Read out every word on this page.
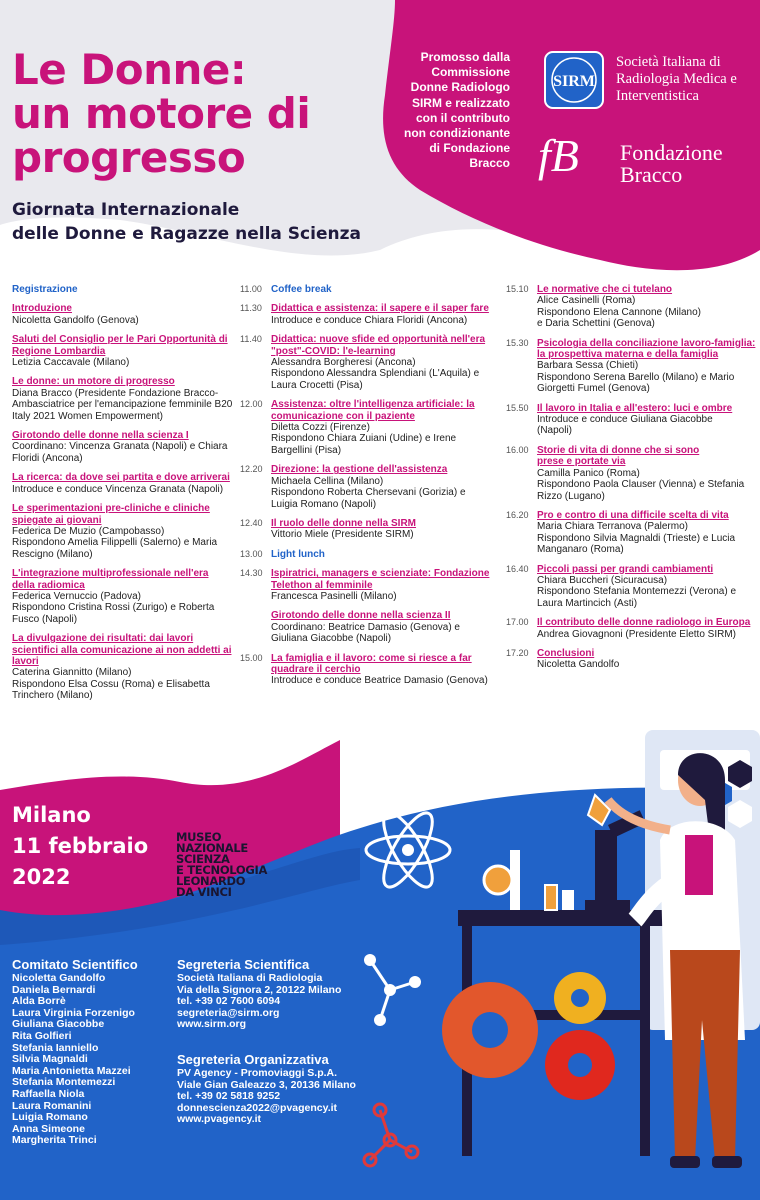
Le Donne:
un motore di
progresso
Giornata Internazionale
delle Donne e Ragazze nella Scienza
Promosso dalla Commissione Donne Radiologo SIRM e realizzato con il contributo non condizionante di Fondazione Bracco
SIRM
Società Italiana di Radiologia Medica e Interventistica
fB	Fondazione Bracco
Registrazione
Introduzione
Nicoletta Gandolfo (Genova)
Saluti del Consiglio per le Pari Opportunità di Regione Lombardia
Letizia Caccavale (Milano)
Le donne: un motore di progresso
Diana Bracco (Presidente Fondazione Bracco- Ambasciatrice per l'emancipazione femminile B20 Italy 2021 Women Empowerment)
Girotondo delle donne nella scienza I
Coordinano: Vincenza Granata (Napoli) e Chiara Floridi (Ancona)
La ricerca: da dove sei partita e dove arriverai
Introduce e conduce Vincenza Granata (Napoli)
Le sperimentazioni pre-cliniche e cliniche spiegate ai giovani
Federica De Muzio (Campobasso)
Rispondono Amelia Filippelli (Salerno) e Maria Rescigno (Milano)
L'integrazione multiprofessionale nell'era della radiomica
Federica Vernuccio (Padova)
Rispondono Cristina Rossi (Zurigo) e Roberta Fusco (Napoli)
La divulgazione dei risultati: dai lavori scientifici alla comunicazione ai non addetti ai lavori
Caterina Giannitto (Milano)
Rispondono Elsa Cossu (Roma) e Elisabetta Trinchero (Milano)
11.00 Coffee break
11.30 Didattica e assistenza: il sapere e il saper fare
Introduce e conduce Chiara Floridi (Ancona)
11.40 Didattica: nuove sfide ed opportunità nell'era "post"-COVID: l'e-learning
Alessandra Borgheresi (Ancona)
Rispondono Alessandra Splendiani (L'Aquila) e Laura Crocetti (Pisa)
12.00 Assistenza: oltre l'intelligenza artificiale: la comunicazione con il paziente
Diletta Cozzi (Firenze)
Rispondono Chiara Zuiani (Udine) e Irene Bargellini (Pisa)
12.20 Direzione: la gestione dell'assistenza
Michaela Cellina (Milano)
Rispondono Roberta Chersevani (Gorizia) e Luigia Romano (Napoli)
12.40 Il ruolo delle donne nella SIRM
Vittorio Miele (Presidente SIRM)
13.00 Light lunch
14.30 Ispiratrici, managers e scienziate: Fondazione Telethon al femminile
Francesca Pasinelli (Milano)
Girotondo delle donne nella scienza II
Coordinano: Beatrice Damasio (Genova) e Giuliana Giacobbe (Napoli)
15.00 La famiglia e il lavoro: come si riesce a far quadrare il cerchio
Introduce e conduce Beatrice Damasio (Genova)
15.10 Le normative che ci tutelano
Alice Casinelli (Roma)
Rispondono Elena Cannone (Milano)
e Daria Schettini (Genova)
15.30 Psicologia della conciliazione lavoro-famiglia:
la prospettiva materna e della famiglia
Barbara Sessa (Chieti)
Rispondono Serena Barello (Milano) e Mario
Giorgetti Fumel (Genova)
15.50 Il lavoro in Italia e all'estero: luci e ombre
Introduce e conduce Giuliana Giacobbe
(Napoli)
16.00 Storie di vita di donne che si sono
prese e portate via
Camilla Panico (Roma)
Rispondono Paola Clauser (Vienna) e Stefania
Rizzo (Lugano)
16.20 Pro e contro di una difficile scelta di vita
Maria Chiara Terranova (Palermo)
Rispondono Silvia Magnaldi (Trieste) e Lucia
Manganaro (Roma)
16.40 Piccoli passi per grandi cambiamenti
Chiara Buccheri (Sicuracusa)
Rispondono Stefania Montemezzi (Verona) e
Laura Martincich (Asti)
17.00 Il contributo delle donne radiologo in Europa
Andrea Giovagnoni (Presidente Eletto SIRM)
17.20 Conclusioni
Nicoletta Gandolfo
Milano
11 febbraio
2022
MUSEO
NAZIONALE
SCIENZA
E TECNOLOGIA
LEONARDO
DA VINCI
Comitato Scientifico
Nicoletta Gandolfo
Daniela Bernardi
Alda Borrè
Laura Virginia Forzenigo
Giuliana Giacobbe
Rita Golfieri
Stefania Ianniello
Silvia Magnaldi
Maria Antonietta Mazzei
Stefania Montemezzi
Raffaella Niola
Laura Romanini
Luigia Romano
Anna Simeone
Margherita Trinci
Segreteria Scientifica
Società Italiana di Radiologia
Via della Signora 2, 20122 Milano
tel. +39 02 7600 6094
segreteria@sirm.org
www.sirm.org
Segreteria Organizzativa
PV Agency - Promoviaggi S.p.A.
Viale Gian Galeazzo 3, 20136 Milano
tel. +39 02 5818 9252
donnescienza2022@pvagency.it
www.pvagency.it
